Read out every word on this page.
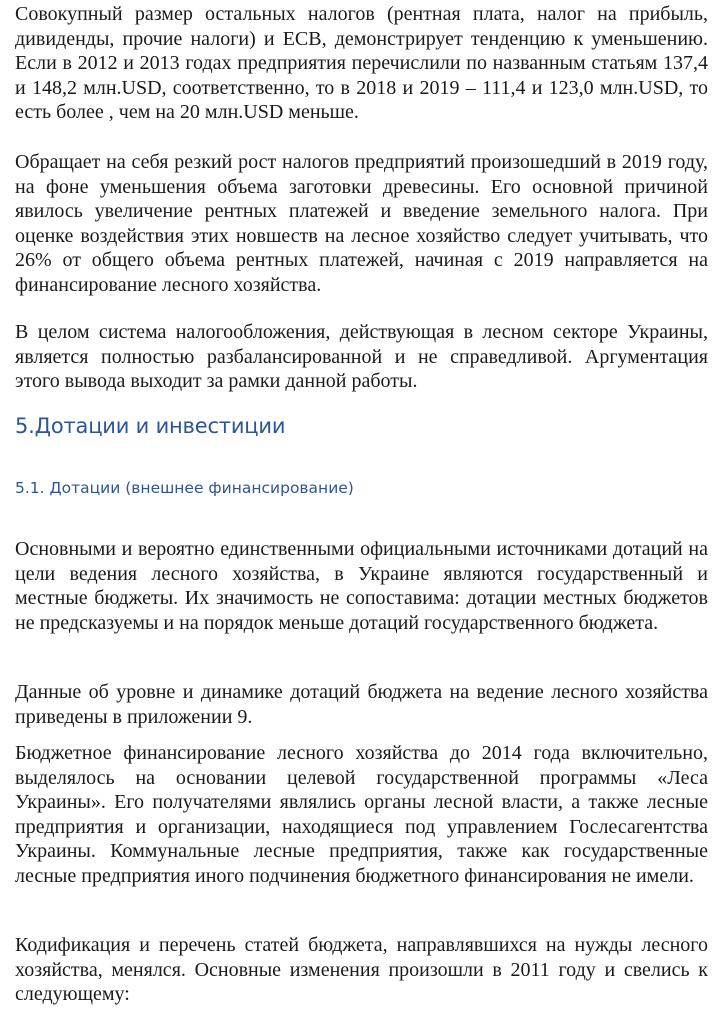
Совокупный размер остальных налогов (рентная плата, налог на прибыль, дивиденды, прочие налоги) и ЕСВ, демонстрирует тенденцию к уменьшению. Если в 2012 и 2013 годах предприятия перечислили по названным статьям 137,4 и 148,2 млн.USD, соответственно, то в 2018 и 2019 – 111,4 и 123,0 млн.USD, то есть более , чем на 20 млн.USD меньше.

Обращает на себя резкий рост налогов предприятий произошедший в 2019 году, на фоне уменьшения объема заготовки древесины. Его основной причиной явилось увеличение рентных платежей и введение земельного налога. При оценке воздействия этих новшеств на лесное хозяйство следует учитывать, что 26% от общего объема рентных платежей, начиная с 2019 направляется на финансирование лесного хозяйства.

В целом система налогообложения, действующая в лесном секторе Украины, является полностью разбалансированной и не справедливой. Аргументация этого вывода выходит за рамки данной работы.

5.Дотации и инвестиции
5.1. Дотации (внешнее финансирование)

Основными и вероятно единственными официальными источниками дотаций на цели ведения лесного хозяйства, в Украине являются государственный и местные бюджеты. Их значимость не сопоставима: дотации местных бюджетов не предсказуемы и на порядок меньше дотаций государственного бюджета.

Данные об уровне и динамике дотаций бюджета на ведение лесного хозяйства приведены в приложении 9.

Бюджетное финансирование лесного хозяйства до 2014 года включительно, выделялось на основании целевой государственной программы «Леса Украины». Его получателями являлись органы лесной власти, а также лесные предприятия и организации, находящиеся под управлением Гослесагентства Украины. Коммунальные лесные предприятия, также как государственные лесные предприятия иного подчинения бюджетного финансирования не имели.

Кодификация и перечень статей бюджета, направлявшихся на нужды лесного хозяйства, менялся. Основные изменения произошли в 2011 году и свелись к следующему:
